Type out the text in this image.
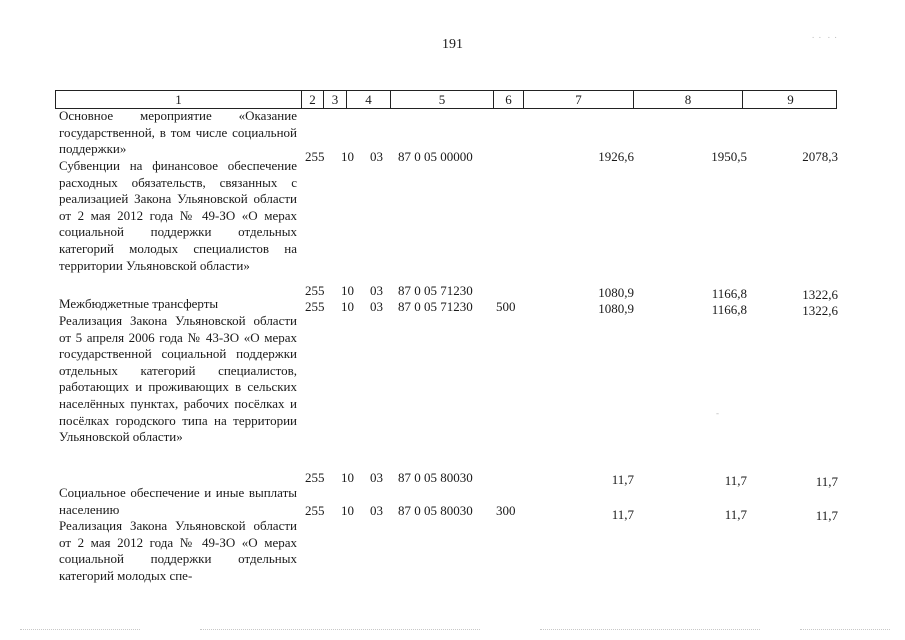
191
1	2	3	4	5	6	7	8	9
Основное мероприятие «Оказание государственной, в том числе социальной поддержки»
255 10 03 87 0 05 00000	1926,6	1950,5	2078,3
Субвенции на финансовое обеспечение расходных обязательств, связанных с реализацией Закона Ульяновской области от 2 мая 2012 года № 49-ЗО «О мерах социальной поддержки отдельных категорий молодых специалистов на территории Ульяновской области»
255 10 03 87 0 05 71230	1080,9	1166,8	1322,6
Межбюджетные трансферты	255 10 03 87 0 05 71230 500	1080,9	1166,8	1322,6
Реализация Закона Ульяновской области от 5 апреля 2006 года № 43-ЗО «О мерах государственной социальной поддержки отдельных категорий специалистов, работающих и проживающих в сельских населённых пунктах, рабочих посёлках и посёлках городского типа на территории Ульяновской области»
255 10 03 87 0 05 80030	11,7	11,7	11,7
Социальное обеспечение и иные выплаты населению	255 10 03 87 0 05 80030 300	11,7	11,7	11,7
Реализация Закона Ульяновской области от 2 мая 2012 года № 49-ЗО «О мерах социальной поддержки отдельных категорий молодых спе-
.  .   .  .
-
